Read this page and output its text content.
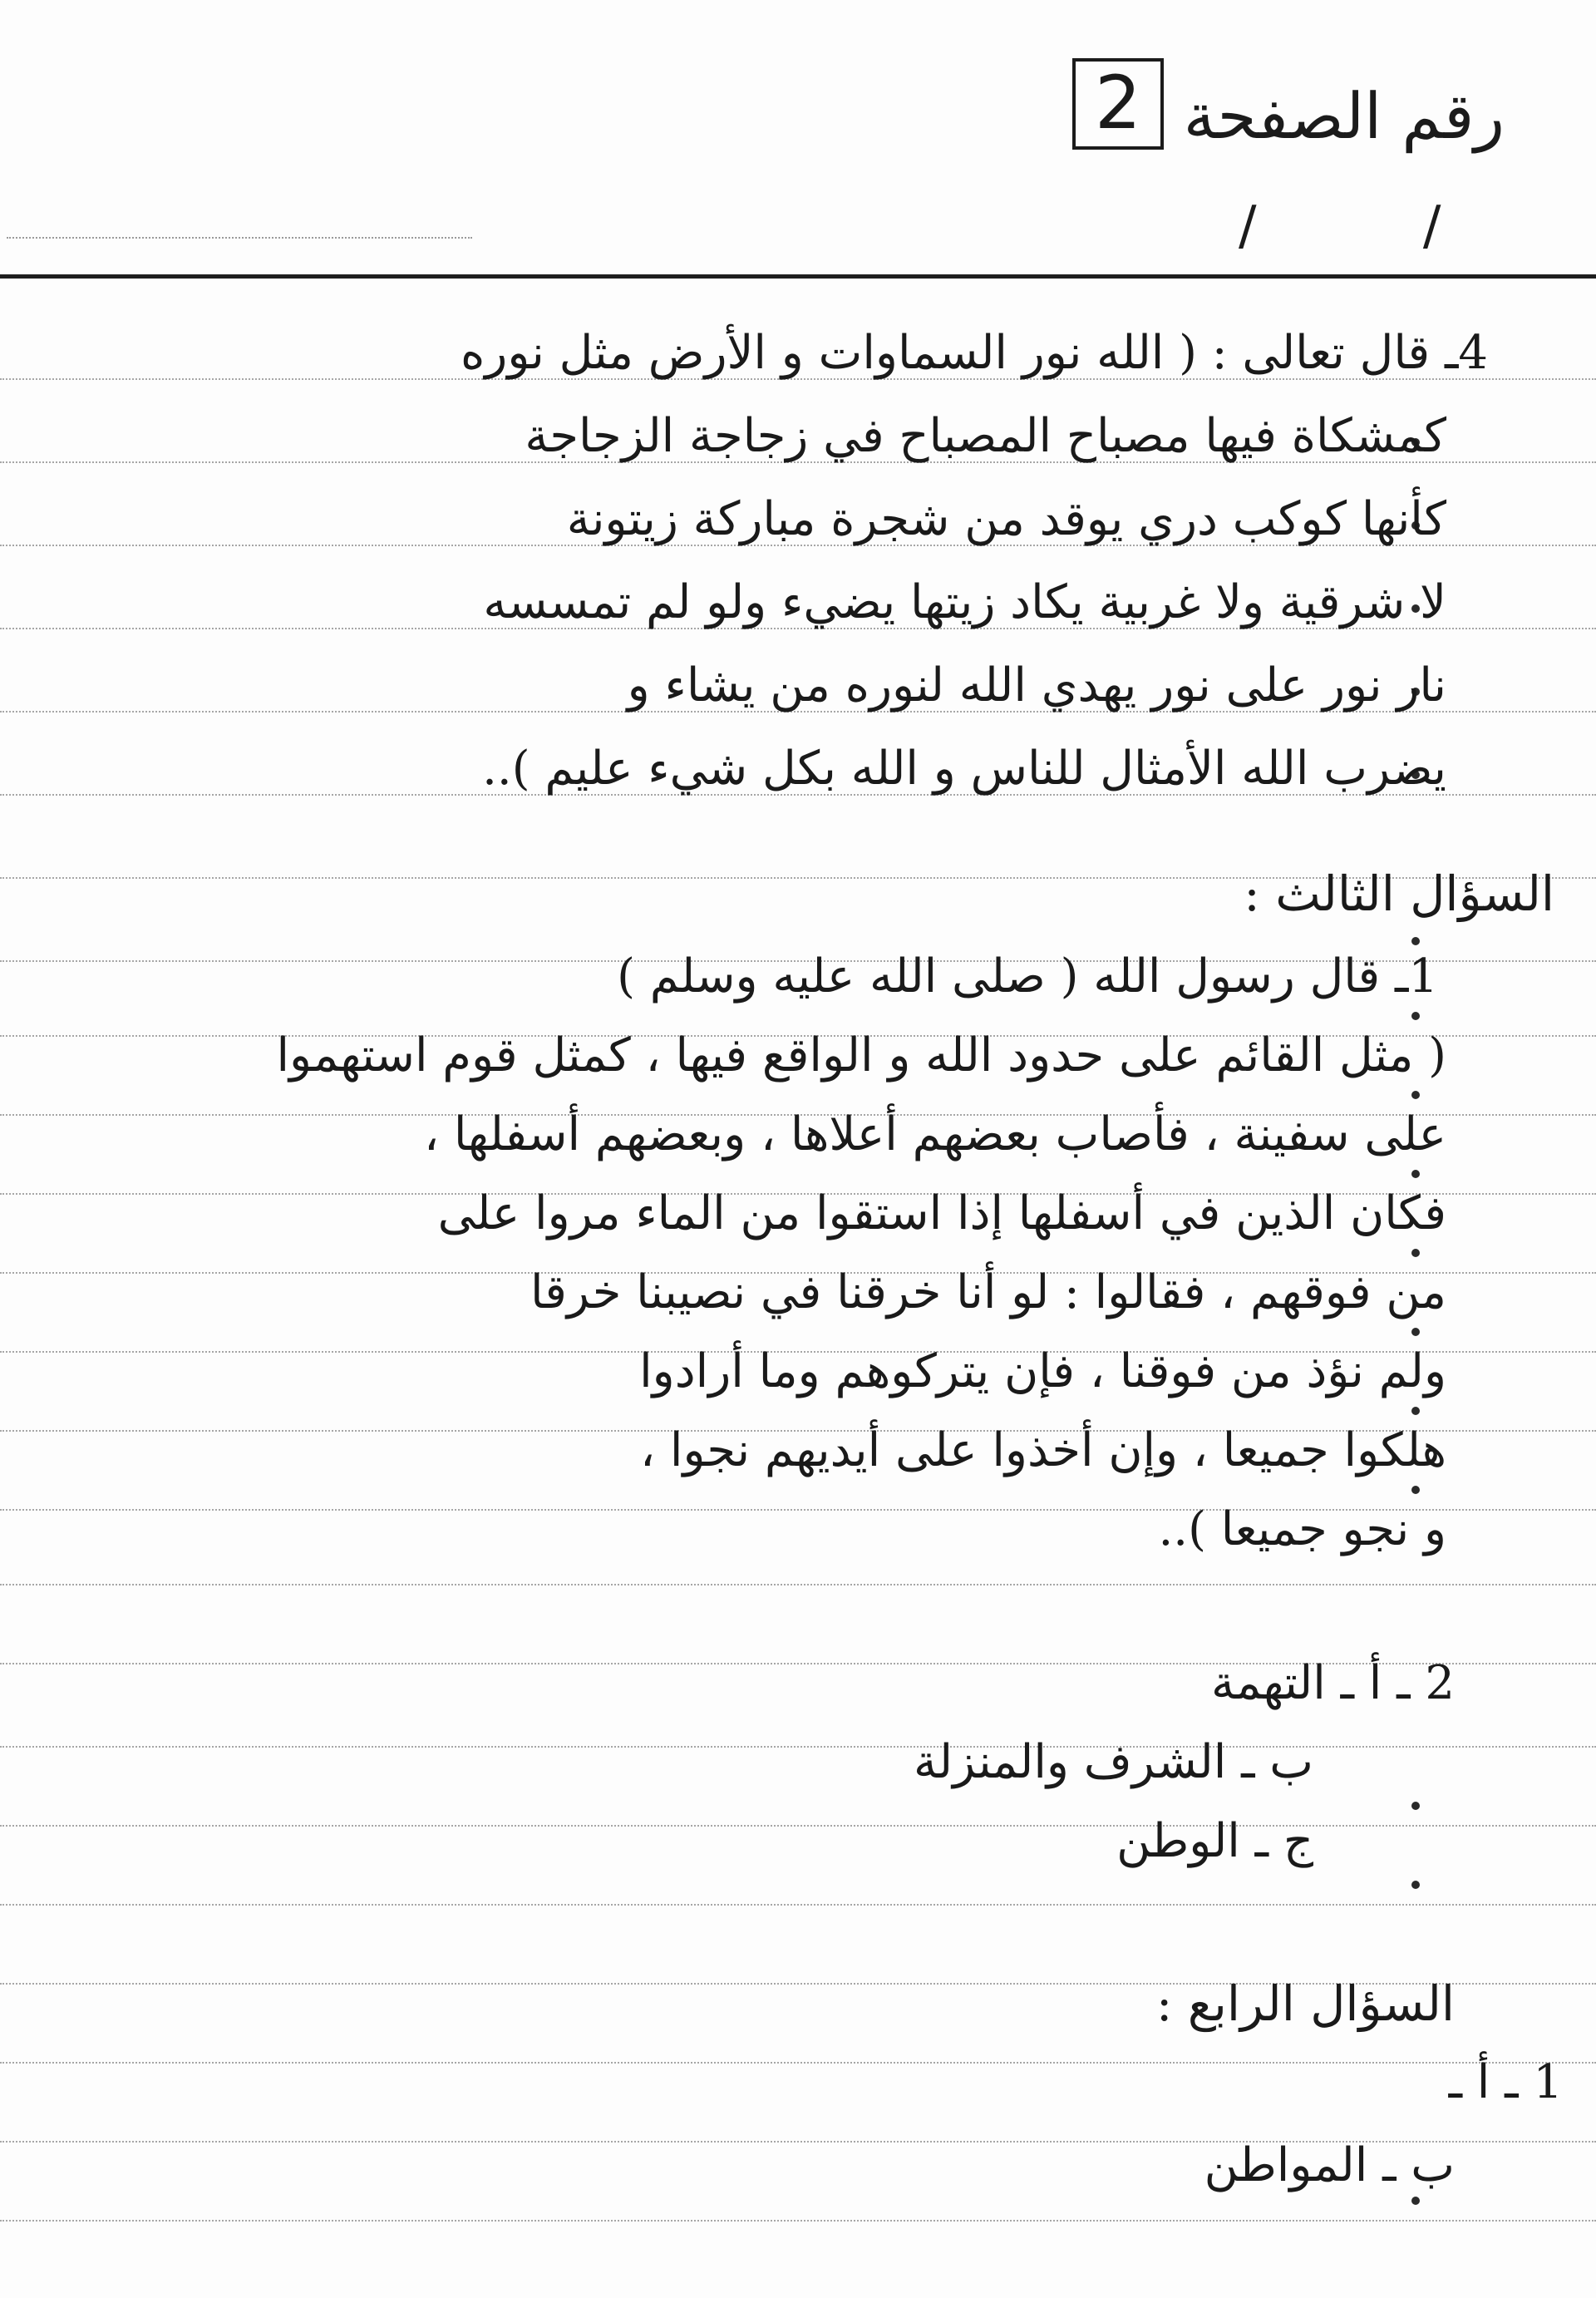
رقم الصفحة
2
/ /
4ـ قال تعالى : ( الله نور السماوات و الأرض مثل نوره
كمشكاة فيها مصباح المصباح في زجاجة الزجاجة
كأنها كوكب دري يوقد من شجرة مباركة زيتونة
لا شرقية ولا غربية يكاد زيتها يضيء ولو لم تمسسه
نار نور على نور يهدي الله لنوره من يشاء و
يضرب الله الأمثال للناس و الله بكل شيء عليم )..
السؤال الثالث :
1ـ قال رسول الله ( صلى الله عليه وسلم )
( مثل القائم على حدود الله و الواقع فيها ، كمثل قوم استهموا
على سفينة ، فأصاب بعضهم أعلاها ، وبعضهم أسفلها ،
فكان الذين في أسفلها إذا استقوا من الماء مروا على
من فوقهم ، فقالوا : لو أنا خرقنا في نصيبنا خرقا
ولم نؤذ من فوقنا ، فإن يتركوهم وما أرادوا
هلكوا جميعا ، وإن أخذوا على أيديهم نجوا ،
و نجو جميعا )..
2 ـ أ ـ التهمة
ب ـ الشرف والمنزلة
ج ـ الوطن
السؤال الرابع :
1 ـ أ ـ
ب ـ المواطن
